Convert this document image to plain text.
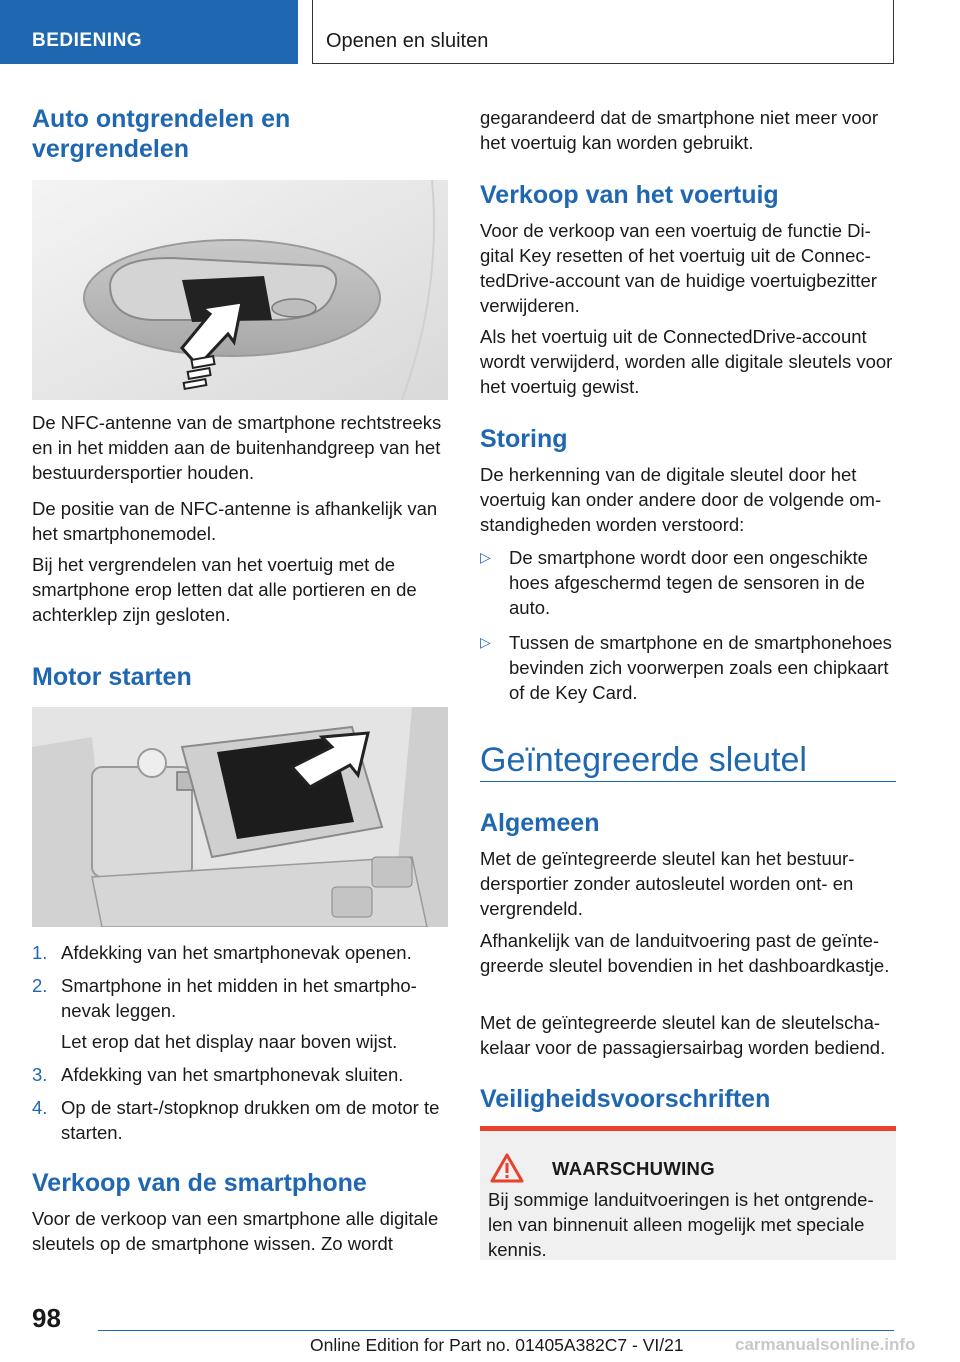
BEDIENING	Openen en sluiten
Auto ontgrendelen en vergrendelen

De NFC-antenne van de smartphone rechtstreeks en in het midden aan de buitenhandgreep van het bestuurdersportier houden.

De positie van de NFC-antenne is afhankelijk van het smartphonemodel.

Bij het vergrendelen van het voertuig met de smartphone erop letten dat alle portieren en de achterklep zijn gesloten.

Motor starten
1. Afdekking van het smartphonevak openen.
2. Smartphone in het midden in het smartphonevak leggen.
Let erop dat het display naar boven wijst.
3. Afdekking van het smartphonevak sluiten.
4. Op de start-/stopknop drukken om de motor te starten.
Verkoop van de smartphone

Voor de verkoop van een smartphone alle digitale sleutels op de smartphone wissen. Zo wordt

gegarandeerd dat de smartphone niet meer voor het voertuig kan worden gebruikt.

Verkoop van het voertuig

Voor de verkoop van een voertuig de functie Digital Key resetten of het voertuig uit de ConnectedDrive-account van de huidige voertuigbezitter verwijderen.

Als het voertuig uit de ConnectedDrive-account wordt verwijderd, worden alle digitale sleutels voor het voertuig gewist.

Storing

De herkenning van de digitale sleutel door het voertuig kan onder andere door de volgende omstandigheden worden verstoord:

▷ De smartphone wordt door een ongeschikte hoes afgeschermd tegen de sensoren in de auto.
▷ Tussen de smartphone en de smartphonehoes bevinden zich voorwerpen zoals een chipkaart of de Key Card.
Geïntegreerde sleutel
Algemeen

Met de geïntegreerde sleutel kan het bestuurdersportier zonder autosleutel worden ont- en vergrendeld.

Afhankelijk van de landuitvoering past de geïntegreerde sleutel bovendien in het dashboardkastje.

Met de geïntegreerde sleutel kan de sleutelschakelaar voor de passagiersairbag worden bediend.

Veiligheidsvoorschriften
WAARSCHUWING
Bij sommige landuitvoeringen is het ontgrendelen van binnenuit alleen mogelijk met speciale kennis.
98
Online Edition for Part no. 01405A382C7 - VI/21	carmanualsonline.info
